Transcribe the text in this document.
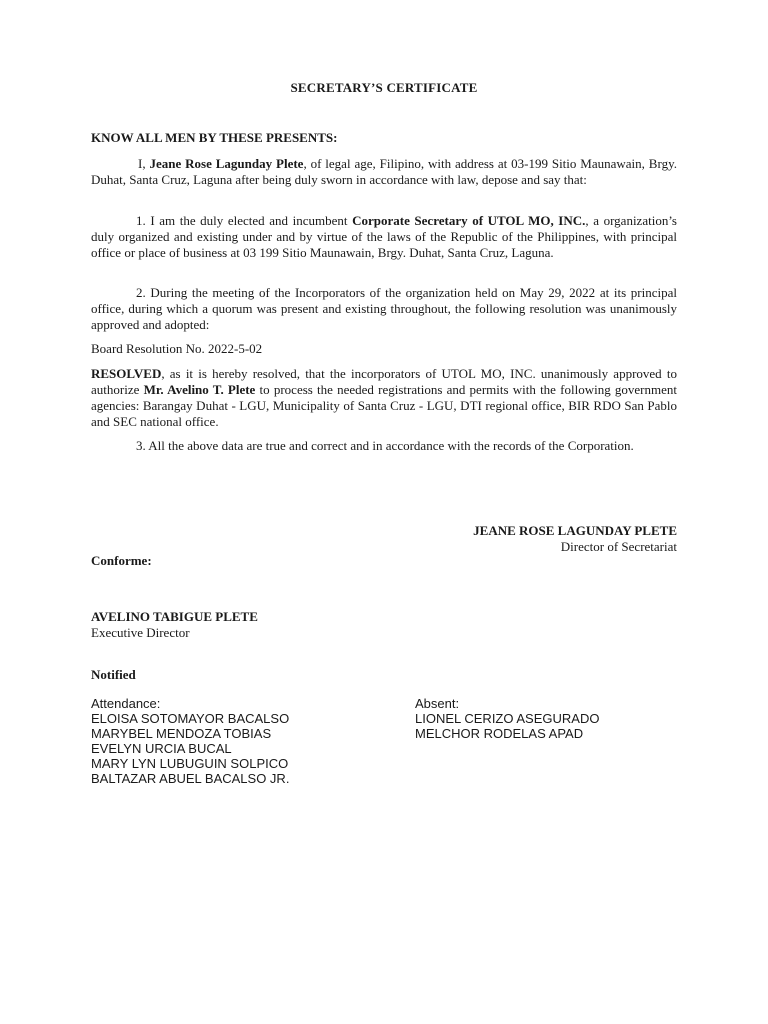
SECRETARY’S CERTIFICATE
KNOW ALL MEN BY THESE PRESENTS:
I, Jeane Rose Lagunday Plete, of legal age, Filipino, with address at 03-199 Sitio Maunawain, Brgy. Duhat, Santa Cruz, Laguna after being duly sworn in accordance with law, depose and say that:
1. I am the duly elected and incumbent Corporate Secretary of UTOL MO, INC., a organization’s duly organized and existing under and by virtue of the laws of the Republic of the Philippines, with principal office or place of business at 03 199 Sitio Maunawain, Brgy. Duhat, Santa Cruz, Laguna.
2. During the meeting of the Incorporators of the organization held on May 29, 2022 at its principal office, during which a quorum was present and existing throughout, the following resolution was unanimously approved and adopted:
Board Resolution No. 2022-5-02
RESOLVED, as it is hereby resolved, that the incorporators of UTOL MO, INC. unanimously approved to authorize Mr. Avelino T. Plete to process the needed registrations and permits with the following government agencies: Barangay Duhat - LGU, Municipality of Santa Cruz - LGU, DTI regional office, BIR RDO San Pablo and SEC national office.
3. All the above data are true and correct and in accordance with the records of the Corporation.
JEANE ROSE LAGUNDAY PLETE
Director of Secretariat
Conforme:
AVELINO TABIGUE PLETE
Executive Director
Notified
Attendance:
ELOISA SOTOMAYOR BACALSO
MARYBEL MENDOZA TOBIAS
EVELYN URCIA BUCAL
MARY LYN LUBUGUIN SOLPICO
BALTAZAR ABUEL BACALSO JR.
Absent:
LIONEL CERIZO ASEGURADO
MELCHOR RODELAS APAD
